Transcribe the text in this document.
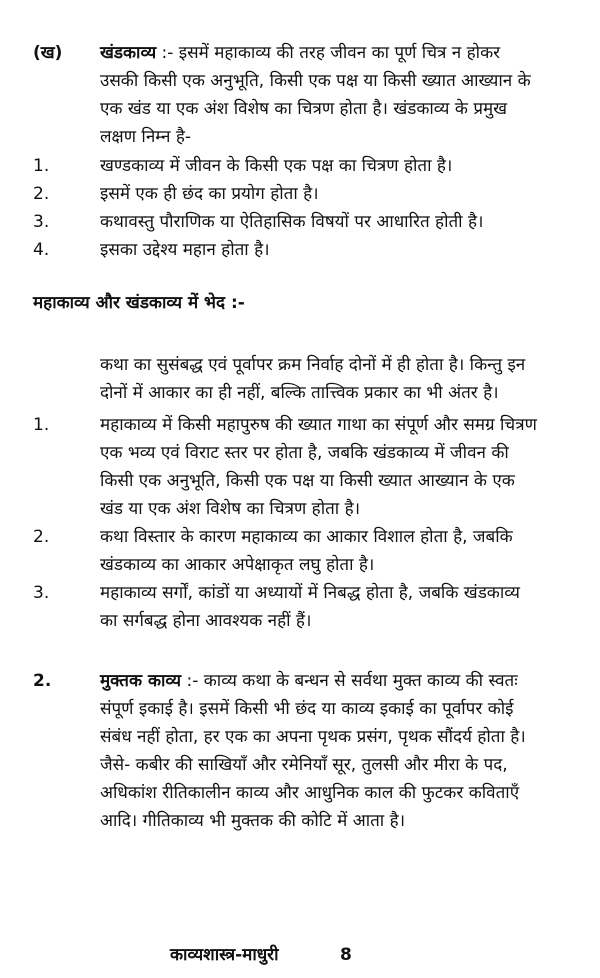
(ख) खंडकाव्य :- इसमें महाकाव्य की तरह जीवन का पूर्ण चित्र न होकर
उसकी किसी एक अनुभूति, किसी एक पक्ष या किसी ख्यात आख्यान के
एक खंड या एक अंश विशेष का चित्रण होता है। खंडकाव्य के प्रमुख
लक्षण निम्न है-
1.	खण्डकाव्य में जीवन के किसी एक पक्ष का चित्रण होता है।
2.	इसमें एक ही छंद का प्रयोग होता है।
3.	कथावस्तु पौराणिक या ऐतिहासिक विषयों पर आधारित होती है।
4.	इसका उद्देश्य महान होता है।
महाकाव्य और खंडकाव्य में भेद :-
कथा का सुसंबद्ध एवं पूर्वापर क्रम निर्वाह दोनों में ही होता है। किन्तु इन
दोनों में आकार का ही नहीं, बल्कि तात्त्विक प्रकार का भी अंतर है।
1.	महाकाव्य में किसी महापुरुष की ख्यात गाथा का संपूर्ण और समग्र चित्रण
एक भव्य एवं विराट स्तर पर होता है, जबकि खंडकाव्य में जीवन की
किसी एक अनुभूति, किसी एक पक्ष या किसी ख्यात आख्यान के एक
खंड या एक अंश विशेष का चित्रण होता है।
2.	कथा विस्तार के कारण महाकाव्य का आकार विशाल होता है, जबकि
खंडकाव्य का आकार अपेक्षाकृत लघु होता है।
3.	महाकाव्य सर्गों, कांडों या अध्यायों में निबद्ध होता है, जबकि खंडकाव्य
का सर्गबद्ध होना आवश्यक नहीं हैं।
2.	मुक्तक काव्य :- काव्य कथा के बन्धन से सर्वथा मुक्त काव्य की स्वतः
संपूर्ण इकाई है। इसमें किसी भी छंद या काव्य इकाई का पूर्वापर कोई
संबंध नहीं होता, हर एक का अपना पृथक प्रसंग, पृथक सौंदर्य होता है।
जैसे- कबीर की साखियाँ और रमेनियाँ सूर, तुलसी और मीरा के पद,
अधिकांश रीतिकालीन काव्य और आधुनिक काल की फुटकर कविताएँ
आदि। गीतिकाव्य भी मुक्तक की कोटि में आता है।
काव्यशास्त्र-माधुरी	8
